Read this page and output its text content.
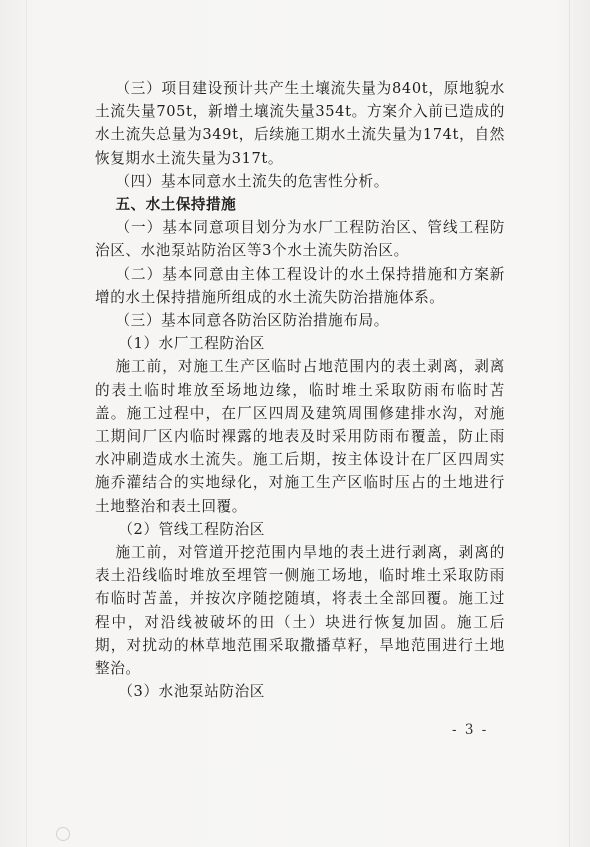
（三）项目建设预计共产生土壤流失量为840t，原地貌水土流失量705t，新增土壤流失量354t。方案介入前已造成的水土流失总量为349t，后续施工期水土流失量为174t，自然恢复期水土流失量为317t。

（四）基本同意水土流失的危害性分析。

五、水土保持措施

（一）基本同意项目划分为水厂工程防治区、管线工程防治区、水池泵站防治区等3个水土流失防治区。

（二）基本同意由主体工程设计的水土保持措施和方案新增的水土保持措施所组成的水土流失防治措施体系。

（三）基本同意各防治区防治措施布局。

（1）水厂工程防治区

施工前，对施工生产区临时占地范围内的表土剥离，剥离的表土临时堆放至场地边缘，临时堆土采取防雨布临时苫盖。施工过程中，在厂区四周及建筑周围修建排水沟，对施工期间厂区内临时裸露的地表及时采用防雨布覆盖，防止雨水冲刷造成水土流失。施工后期，按主体设计在厂区四周实施乔灌结合的实地绿化，对施工生产区临时压占的土地进行土地整治和表土回覆。

（2）管线工程防治区

施工前，对管道开挖范围内旱地的表土进行剥离，剥离的表土沿线临时堆放至埋管一侧施工场地，临时堆土采取防雨布临时苫盖，并按次序随挖随填，将表土全部回覆。施工过程中，对沿线被破坏的田（土）块进行恢复加固。施工后期，对扰动的林草地范围采取撒播草籽，旱地范围进行土地整治。

（3）水池泵站防治区

- 3 -
